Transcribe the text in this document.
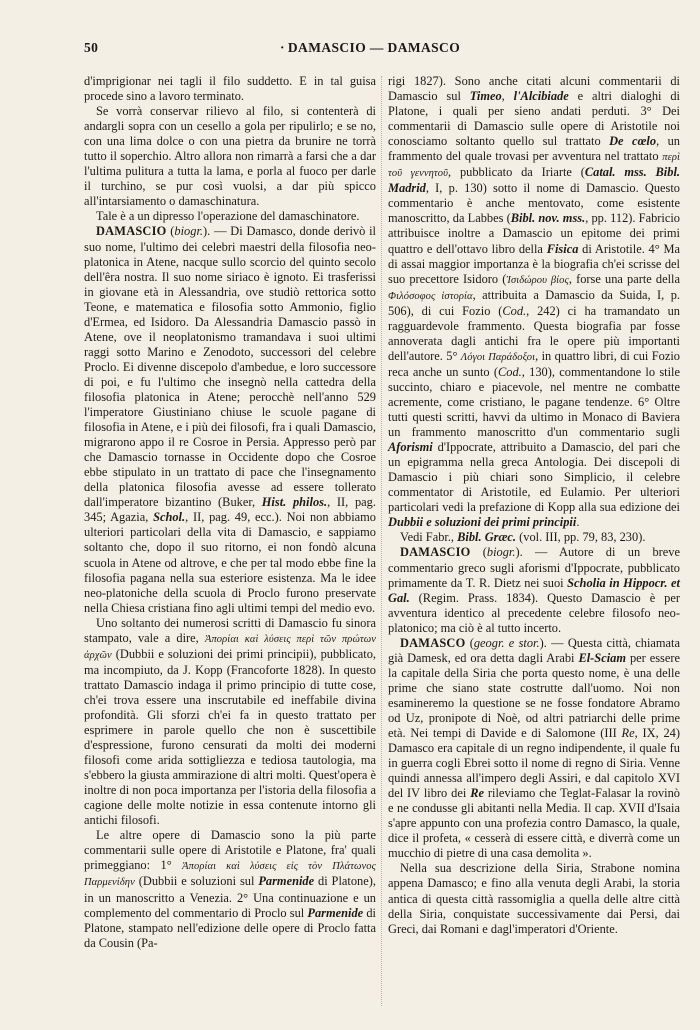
50	· DAMASCIO — DAMASCO

d'imprigionar nei tagli il filo suddetto. E in tal guisa procede sino a lavoro terminato.

Se vorrà conservar rilievo al filo, si contenterà di andargli sopra con un cesello a gola per ripulirlo; e se no, con una lima dolce o con una pietra da brunire ne torrà tutto il soperchio. Altro allora non rimarrà a farsi che a dar l'ultima pulitura a tutta la lama, e porla al fuoco per darle il turchino, se pur così vuolsi, a dar più spicco all'intarsiamento o damaschinatura.

Tale è a un dipresso l'operazione del damaschinatore.

DAMASCIO (biogr.). — Di Damasco, donde derivò il suo nome, l'ultimo dei celebri maestri della filosofia neo-platonica in Atene, nacque sullo scorcio del quinto secolo dell'êra nostra. Il suo nome siriaco è ignoto. Ei trasferissi in giovane età in Alessandria, ove studiò rettorica sotto Teone, e matematica e filosofia sotto Ammonio, figlio d'Ermea, ed Isidoro. Da Alessandria Damascio passò in Atene, ove il neoplatonismo tramandava i suoi ultimi raggi sotto Marino e Zenodoto, successori del celebre Proclo. Ei divenne discepolo d'ambedue, e loro successore di poi, e fu l'ultimo che insegnò nella cattedra della filosofia platonica in Atene; perocchè nell'anno 529 l'imperatore Giustiniano chiuse le scuole pagane di filosofia in Atene, e i più dei filosofi, fra i quali Damascio, migrarono appo il re Cosroe in Persia. Appresso però par che Damascio tornasse in Occidente dopo che Cosroe ebbe stipulato in un trattato di pace che l'insegnamento della platonica filosofia avesse ad essere tollerato dall'imperatore bizantino (Buker, Hist. philos., II, pag. 345; Agazia, Schol., II, pag. 49, ecc.). Noi non abbiamo ulteriori particolari della vita di Damascio, e sappiamo soltanto che, dopo il suo ritorno, ei non fondò alcuna scuola in Atene od altrove, e che per tal modo ebbe fine la filosofia pagana nella sua esteriore esistenza. Ma le idee neo-platoniche della scuola di Proclo furono preservate nella Chiesa cristiana fino agli ultimi tempi del medio evo.

Uno soltanto dei numerosi scritti di Damascio fu sinora stampato, vale a dire, Ἀπορίαι καὶ λύσεις περὶ τῶν πρώτων ἀρχῶν (Dubbii e soluzioni dei primi principii), pubblicato, ma incompiuto, da J. Kopp (Francoforte 1828). In questo trattato Damascio indaga il primo principio di tutte cose, ch'ei trova essere una inscrutabile ed ineffabile divina profondità. Gli sforzi ch'ei fa in questo trattato per esprimere in parole quello che non è suscettibile d'espressione, furono censurati da molti dei moderni filosofi come arida sottigliezza e tediosa tautologia, ma s'ebbero la giusta ammirazione di altri molti. Quest'opera è inoltre di non poca importanza per l'istoria della filosofia a cagione delle molte notizie in essa contenute intorno gli antichi filosofi.

Le altre opere di Damascio sono la più parte commentarii sulle opere di Aristotile e Platone, fra' quali primeggiano: 1° Ἀπορίαι καὶ λύσεις εἰς τὸν Πλάτωνος Παρμενίδην (Dubbii e soluzioni sul Parmenide di Platone), in un manoscritto a Venezia. 2° Una continuazione e un complemento del commentario di Proclo sul Parmenide di Platone, stampato nell'edizione delle opere di Proclo fatta da Cousin (Pa-

rigi 1827). Sono anche citati alcuni commentarii di Damascio sul Timeo, l'Alcibiade e altri dialoghi di Platone, i quali per sieno andati perduti. 3° Dei commentarii di Damascio sulle opere di Aristotile noi conosciamo soltanto quello sul trattato De cœlo, un frammento del quale trovasi per avventura nel trattato περὶ τοῦ γεννητοῦ, pubblicato da Iriarte (Catal. mss. Bibl. Madrid, I, p. 130) sotto il nome di Damascio. Questo commentario è anche mentovato, come esistente manoscritto, da Labbes (Bibl. nov. mss., pp. 112). Fabricio attribuisce inoltre a Damascio un epitome dei primi quattro e dell'ottavo libro della Fisica di Aristotile. 4° Ma di assai maggior importanza è la biografia ch'ei scrisse del suo precettore Isidoro (Ἰσιδώρου βίος, forse una parte della Φιλόσοφος ἱστορία, attribuita a Damascio da Suida, I, p. 506), di cui Fozio (Cod., 242) ci ha tramandato un ragguardevole frammento. Questa biografia par fosse annoverata dagli antichi fra le opere più importanti dell'autore. 5° Λόγοι Παράδοξοι, in quattro libri, di cui Fozio reca anche un sunto (Cod., 130), commentandone lo stile succinto, chiaro e piacevole, nel mentre ne combatte acremente, come cristiano, le pagane tendenze. 6° Oltre tutti questi scritti, havvi da ultimo in Monaco di Baviera un frammento manoscritto d'un commentario sugli Aforismi d'Ippocrate, attribuito a Damascio, del pari che un epigramma nella greca Antologia. Dei discepoli di Damascio i più chiari sono Simplicio, il celebre commentator di Aristotile, ed Eulamio. Per ulteriori particolari vedi la prefazione di Kopp alla sua edizione dei Dubbii e soluzioni dei primi principii.

Vedi Fabr., Bibl. Græc. (vol. III, pp. 79, 83, 230).

DAMASCIO (biogr.). — Autore di un breve commentario greco sugli aforismi d'Ippocrate, pubblicato primamente da T. R. Dietz nei suoi Scholia in Hippocr. et Gal. (Regim. Prass. 1834). Questo Damascio è per avventura identico al precedente celebre filosofo neo-platonico; ma ciò è al tutto incerto.

DAMASCO (geogr. e stor.). — Questa città, chiamata già Damesk, ed ora detta dagli Arabi El-Sciam per essere la capitale della Siria che porta questo nome, è una delle prime che siano state costrutte dall'uomo. Noi non esamineremo la questione se ne fosse fondatore Abramo od Uz, pronipote di Noè, od altri patriarchi delle prime età. Nei tempi di Davide e di Salomone (III Re, IX, 24) Damasco era capitale di un regno indipendente, il quale fu in guerra cogli Ebrei sotto il nome di regno di Siria. Venne quindi annessa all'impero degli Assiri, e dal capitolo XVI del IV libro dei Re rileviamo che Teglat-Falasar la rovinò e ne condusse gli abitanti nella Media. Il cap. XVII d'Isaia s'apre appunto con una profezia contro Damasco, la quale, dice il profeta, « cesserà di essere città, e diverrà come un mucchio di pietre di una casa demolita ».

Nella sua descrizione della Siria, Strabone nomina appena Damasco; e fino alla venuta degli Arabi, la storia antica di questa città rassomiglia a quella delle altre città della Siria, conquistate successivamente dai Persi, dai Greci, dai Romani e dagl'imperatori d'Oriente.
